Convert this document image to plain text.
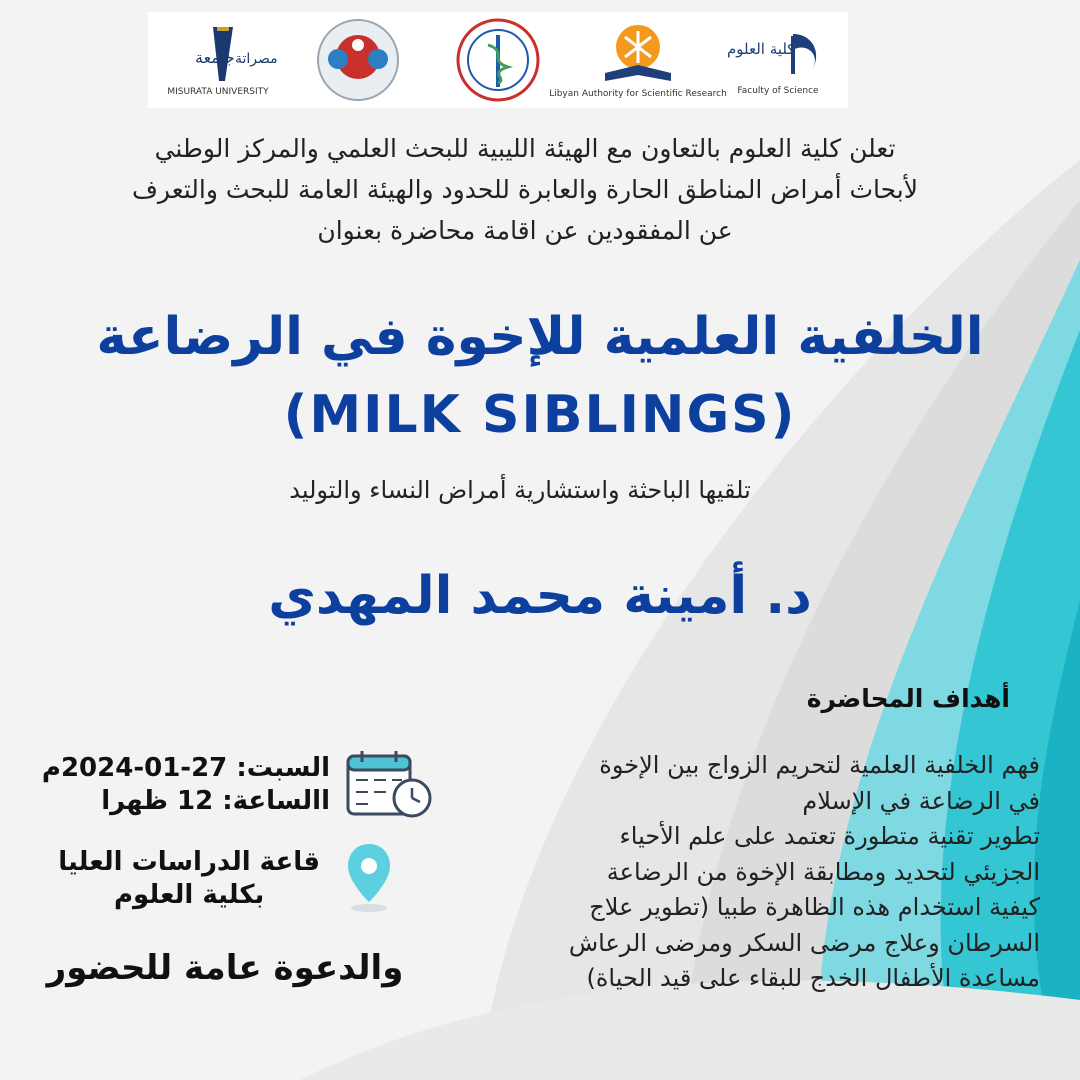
جامعة مصراتة
MISURATA UNIVERSITY	Libyan Authority for Scientific Research
كلية العلوم
Faculty of Science
تعلن كلية العلوم بالتعاون مع الهيئة الليبية للبحث العلمي والمركز الوطني
لأبحاث أمراض المناطق الحارة والعابرة للحدود والهيئة العامة للبحث والتعرف
عن المفقودين عن اقامة محاضرة بعنوان
الخلفية العلمية للإخوة في الرضاعة
(MILK SIBLINGS)
تلقيها الباحثة واستشارية أمراض النساء والتوليد
د. أمينة محمد المهدي
أهداف المحاضرة
فهم الخلفية العلمية لتحريم الزواج بين الإخوة
في الرضاعة في الإسلام
تطوير تقنية متطورة تعتمد على علم الأحياء
الجزيئي لتحديد ومطابقة الإخوة من الرضاعة
كيفية استخدام هذه الظاهرة طبيا (تطوير علاج
السرطان وعلاج مرضى السكر ومرضى الرعاش
مساعدة الأطفال الخدج للبقاء على قيد الحياة)
السبت: 27-01-2024م
االساعة: 12 ظهرا
قاعة الدراسات العليا
بكلية العلوم
والدعوة عامة للحضور
